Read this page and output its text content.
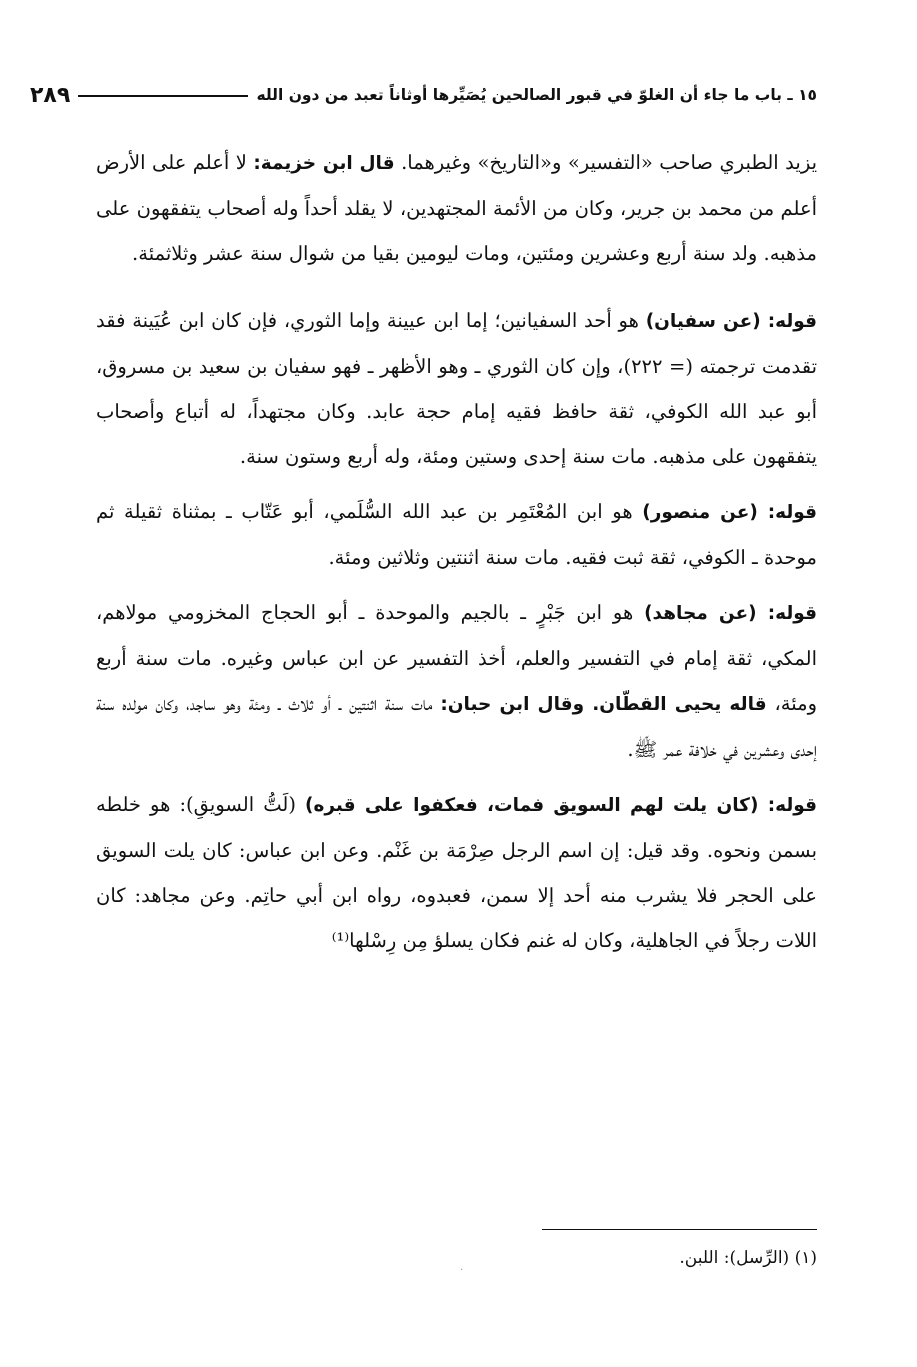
١٥ ـ باب ما جاء أن الغلوّ في قبور الصالحين يُصَيِّرها أوثاناً تعبد من دون الله
٢٨٩

يزيد الطبري صاحب «التفسير» و«التاريخ» وغيرهما. قال ابن خزيمة: لا أعلم على الأرض أعلم من محمد بن جرير، وكان من الأئمة المجتهدين، لا يقلد أحداً وله أصحاب يتفقهون على مذهبه. ولد سنة أربع وعشرين ومئتين، ومات ليومين بقيا من شوال سنة عشر وثلاثمئة.

قوله: (عن سفيان) هو أحد السفيانين؛ إما ابن عيينة وإما الثوري، فإن كان ابن عُيَينة فقد تقدمت ترجمته (= ٢٢٢)، وإن كان الثوري ـ وهو الأظهر ـ فهو سفيان بن سعيد بن مسروق، أبو عبد الله الكوفي، ثقة حافظ فقيه إمام حجة عابد. وكان مجتهداً، له أتباع وأصحاب يتفقهون على مذهبه. مات سنة إحدى وستين ومئة، وله أربع وستون سنة.

قوله: (عن منصور) هو ابن المُعْتَمِر بن عبد الله السُّلَمي، أبو عَتّاب ـ بمثناة ثقيلة ثم موحدة ـ الكوفي، ثقة ثبت فقيه. مات سنة اثنتين وثلاثين ومئة.

قوله: (عن مجاهد) هو ابن جَبْرٍ ـ بالجيم والموحدة ـ أبو الحجاج المخزومي مولاهم، المكي، ثقة إمام في التفسير والعلم، أخذ التفسير عن ابن عباس وغيره. مات سنة أربع ومئة، قاله يحيى القطّان. وقال ابن حبان: مات سنة اثنتين ـ أو ثلاث ـ ومئة وهو ساجد، وكان مولده سنة إحدى وعشرين في خلافة عمر ﷺ.

قوله: (كان يلت لهم السويق فمات، فعكفوا على قبره) (لَتُّ السويقِ): هو خلطه بسمن ونحوه. وقد قيل: إن اسم الرجل صِرْمَة بن غَنْم. وعن ابن عباس: كان يلت السويق على الحجر فلا يشرب منه أحد إلا سمن، فعبدوه، رواه ابن أبي حاتِم. وعن مجاهد: كان اللات رجلاً في الجاهلية، وكان له غنم فكان يسلؤ مِن رِسْلها⁽¹⁾

(١) (الرِّسل): اللبن.
·
